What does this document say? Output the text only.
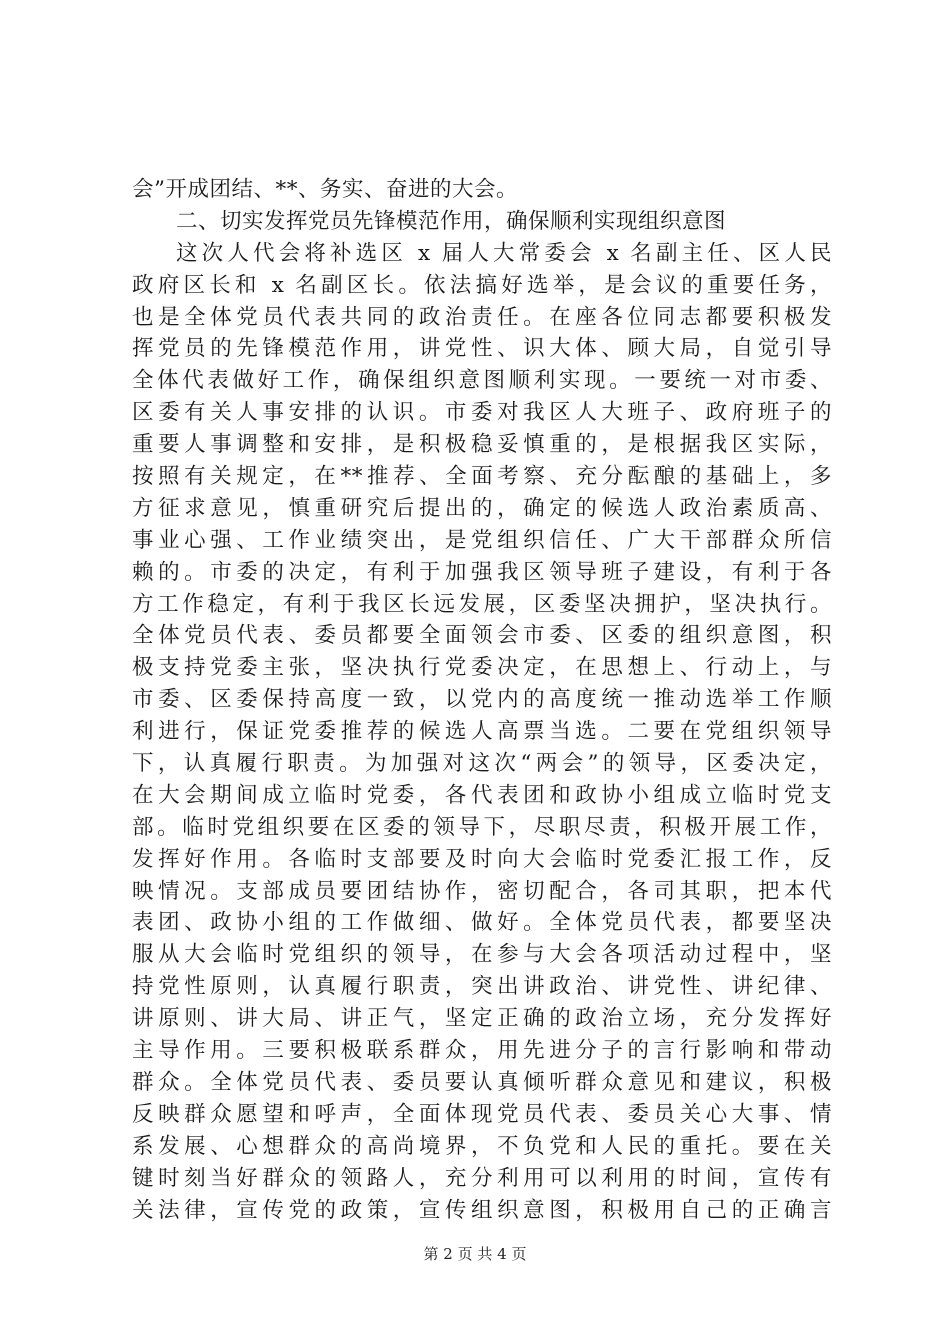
会”开成团结、**、务实、奋进的大会。
二、切实发挥党员先锋模范作用，确保顺利实现组织意图
这次人代会将补选区 x 届人大常委会 x 名副主任、区人民
政府区长和 x 名副区长。依法搞好选举，是会议的重要任务，
也是全体党员代表共同的政治责任。在座各位同志都要积极发
挥党员的先锋模范作用，讲党性、识大体、顾大局，自觉引导
全体代表做好工作，确保组织意图顺利实现。一要统一对市委、
区委有关人事安排的认识。市委对我区人大班子、政府班子的
重要人事调整和安排，是积极稳妥慎重的，是根据我区实际，
按照有关规定，在**推荐、全面考察、充分酝酿的基础上，多
方征求意见，慎重研究后提出的，确定的候选人政治素质高、
事业心强、工作业绩突出，是党组织信任、广大干部群众所信
赖的。市委的决定，有利于加强我区领导班子建设，有利于各
方工作稳定，有利于我区长远发展，区委坚决拥护，坚决执行。
全体党员代表、委员都要全面领会市委、区委的组织意图，积
极支持党委主张，坚决执行党委决定，在思想上、行动上，与
市委、区委保持高度一致，以党内的高度统一推动选举工作顺
利进行，保证党委推荐的候选人高票当选。二要在党组织领导
下，认真履行职责。为加强对这次“两会”的领导，区委决定，
在大会期间成立临时党委，各代表团和政协小组成立临时党支
部。临时党组织要在区委的领导下，尽职尽责，积极开展工作，
发挥好作用。各临时支部要及时向大会临时党委汇报工作，反
映情况。支部成员要团结协作，密切配合，各司其职，把本代
表团、政协小组的工作做细、做好。全体党员代表，都要坚决
服从大会临时党组织的领导，在参与大会各项活动过程中，坚
持党性原则，认真履行职责，突出讲政治、讲党性、讲纪律、
讲原则、讲大局、讲正气，坚定正确的政治立场，充分发挥好
主导作用。三要积极联系群众，用先进分子的言行影响和带动
群众。全体党员代表、委员要认真倾听群众意见和建议，积极
反映群众愿望和呼声，全面体现党员代表、委员关心大事、情
系发展、心想群众的高尚境界，不负党和人民的重托。要在关
键时刻当好群众的领路人，充分利用可以利用的时间，宣传有
关法律，宣传党的政策，宣传组织意图，积极用自己的正确言
第 2 页 共 4 页
